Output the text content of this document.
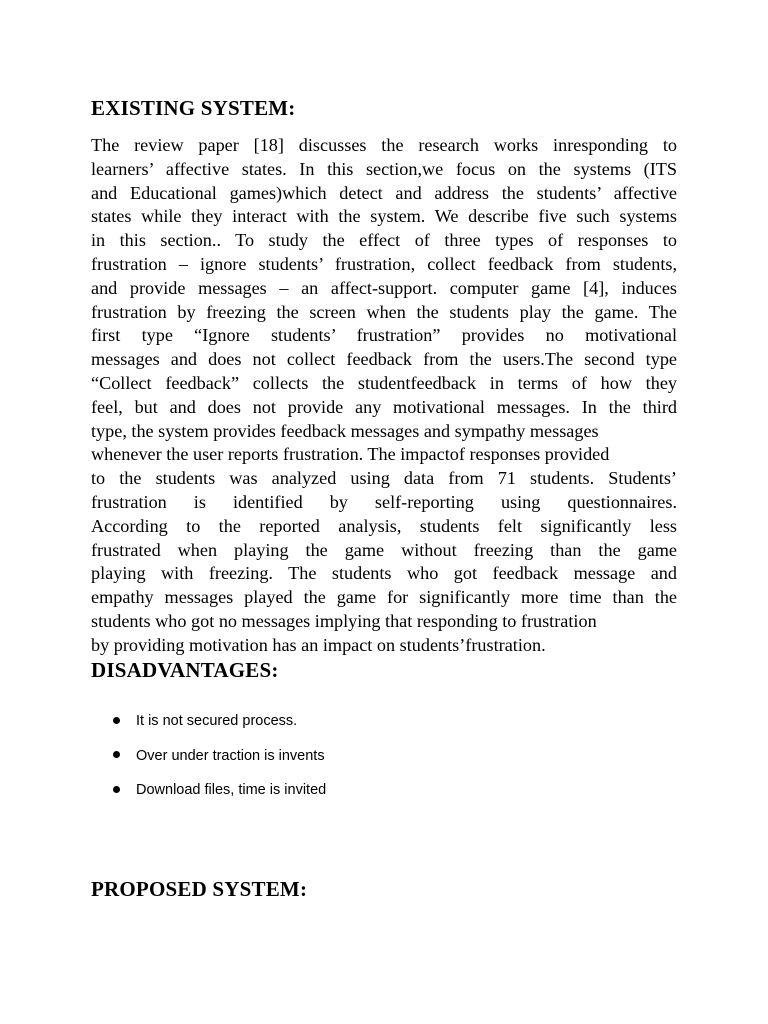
EXISTING SYSTEM:
The review paper [18] discusses the research works inresponding to
learners’ affective states. In this section,we focus on the systems (ITS
and Educational games)which detect and address the students’ affective
states while they interact with the system. We describe five such systems
in this section.. To study the effect of three types of responses to
frustration – ignore students’ frustration, collect feedback from students,
and provide messages – an affect-support. computer game [4], induces
frustration by freezing the screen when the students play the game. The
first type “Ignore students’ frustration” provides no motivational
messages and does not collect feedback from the users.The second type
“Collect feedback” collects the studentfeedback in terms of how they
feel, but and does not provide any motivational messages. In the third
type, the system provides feedback messages and sympathy messages
whenever the user reports frustration. The impactof responses provided
to the students was analyzed using data from 71 students. Students’
frustration is identified by self-reporting using questionnaires.
According to the reported analysis, students felt significantly less
frustrated when playing the game without freezing than the game
playing with freezing. The students who got feedback message and
empathy messages played the game for significantly more time than the
students who got no messages implying that responding to frustration
by providing motivation has an impact on students’frustration.
DISADVANTAGES:
It is not secured process.
Over under traction is invents
Download files, time is invited
PROPOSED SYSTEM:
